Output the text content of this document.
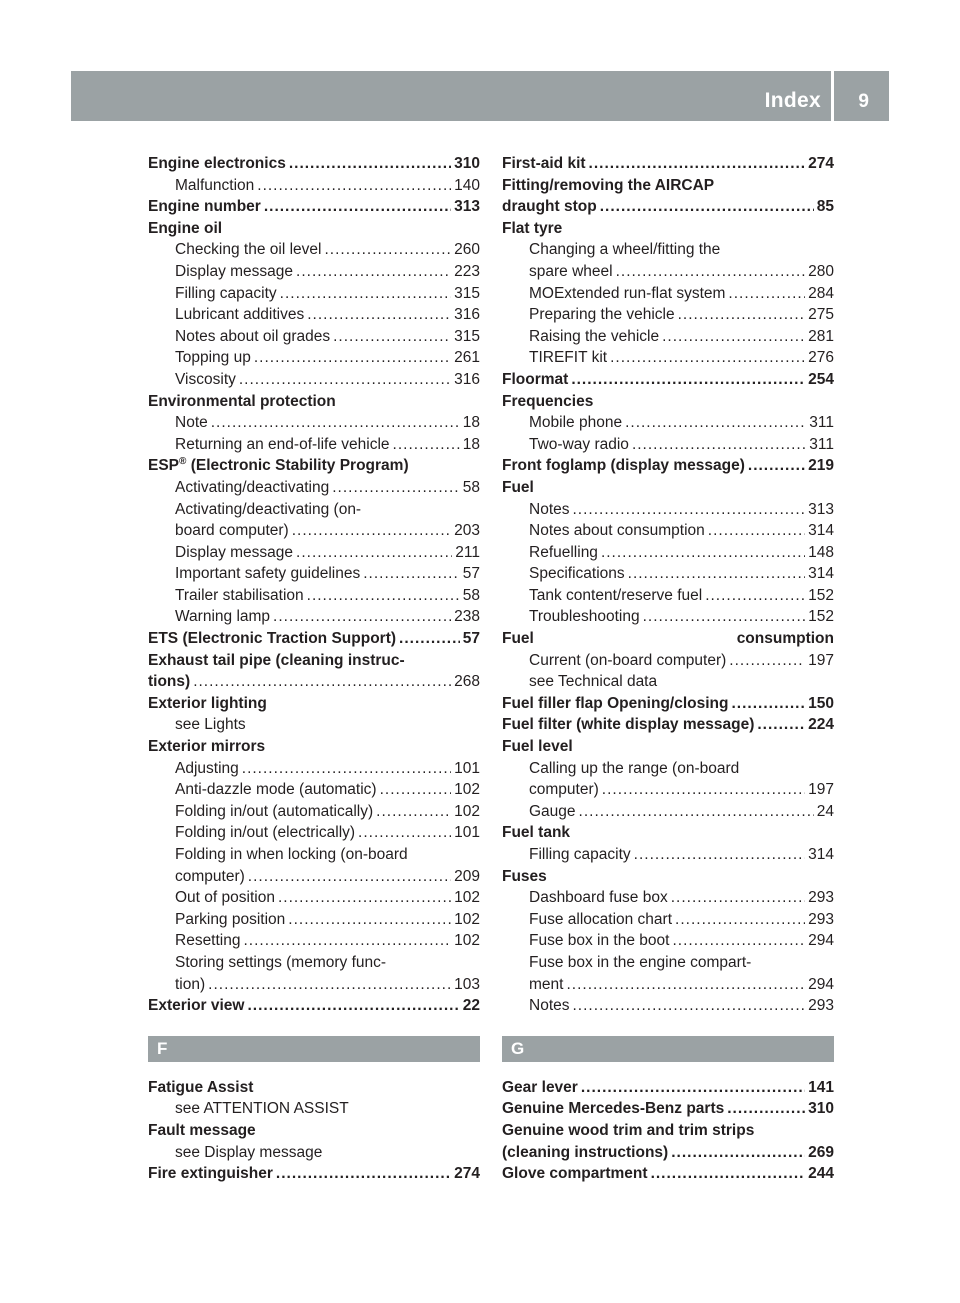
Index 9
Engine electronics .....	310
Malfunction .....	140
Engine number .....	313
Engine oil
Checking the oil level .....	260
Display message .....	223
Filling capacity .....	315
Lubricant additives .....	316
Notes about oil grades .....	315
Topping up .....	261
Viscosity .....	316
Environmental protection
Note .....	18
Returning an end-of-life vehicle .....	18
ESP® (Electronic Stability Program)
Activating/deactivating .....	58
Activating/deactivating (on-
board computer) .....	203
Display message .....	211
Important safety guidelines .....	57
Trailer stabilisation .....	58
Warning lamp .....	238
ETS (Electronic Traction Support) .....	57
Exhaust tail pipe (cleaning instruc-
tions) .....	268
Exterior lighting
see Lights
Exterior mirrors
Adjusting .....	101
Anti-dazzle mode (automatic) .....	102
Folding in/out (automatically) .....	102
Folding in/out (electrically) .....	101
Folding in when locking (on-board
computer) .....	209
Out of position .....	102
Parking position .....	102
Resetting .....	102
Storing settings (memory func-
tion) .....	103
Exterior view .....	22
F
Fatigue Assist
see ATTENTION ASSIST
Fault message
see Display message
Fire extinguisher .....	274
First-aid kit .....	274
Fitting/removing the AIRCAP
draught stop .....	85
Flat tyre
Changing a wheel/fitting the
spare wheel .....	280
MOExtended run-flat system .....	284
Preparing the vehicle .....	275
Raising the vehicle .....	281
TIREFIT kit .....	276
Floormat .....	254
Frequencies
Mobile phone .....	311
Two-way radio .....	311
Front foglamp (display message) .....	219
Fuel
Notes .....	313
Notes about consumption .....	314
Refuelling .....	148
Specifications .....	314
Tank content/reserve fuel .....	152
Troubleshooting .....	152
Fuel	consumption
Current (on-board computer) .....	197
see Technical data
Fuel filler flap Opening/closing .....	150
Fuel filter (white display message) .....	224
Fuel level
Calling up the range (on-board
computer) .....	197
Gauge .....	24
Fuel tank
Filling capacity .....	314
Fuses
Dashboard fuse box .....	293
Fuse allocation chart .....	293
Fuse box in the boot .....	294
Fuse box in the engine compart-
ment .....	294
Notes .....	293
G
Gear lever .....	141
Genuine Mercedes-Benz parts .....	310
Genuine wood trim and trim strips
(cleaning instructions) .....	269
Glove compartment .....	244
